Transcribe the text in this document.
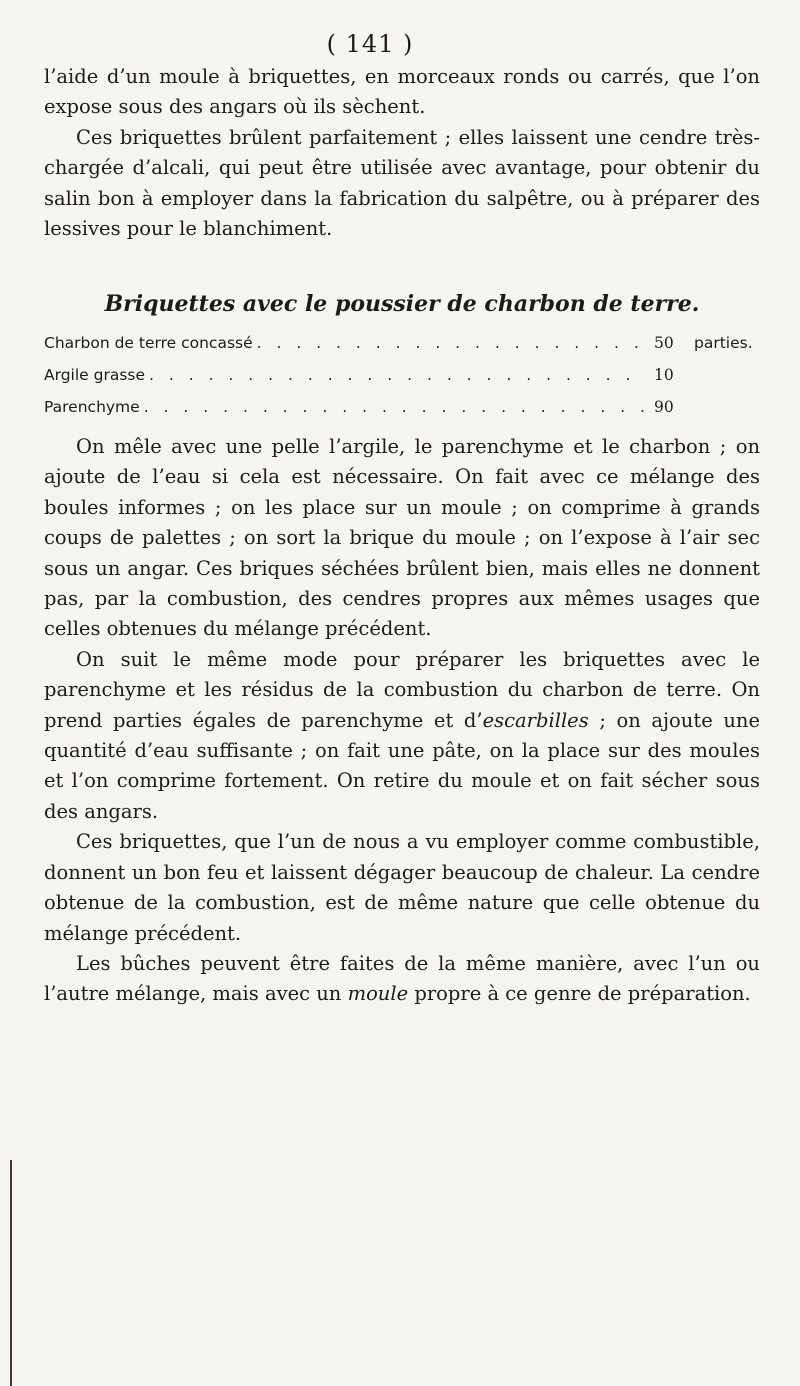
( 141 )

l’aide d’un moule à briquettes, en morceaux ronds ou carrés, que l’on expose sous des angars où ils sèchent.

Ces briquettes brûlent parfaitement ; elles laissent une cendre très-chargée d’alcali, qui peut être utilisée avec avantage, pour obtenir du salin bon à employer dans la fabrication du salpêtre, ou à préparer des lessives pour le blanchiment.

Briquettes avec le poussier de charbon de terre.
Charbon de terre concassé . . .	50	parties.
Argile grasse . . .	10
Parenchyme . . .	90

On mêle avec une pelle l’argile, le parenchyme et le charbon ; on ajoute de l’eau si cela est nécessaire. On fait avec ce mélange des boules informes ; on les place sur un moule ; on comprime à grands coups de palettes ; on sort la brique du moule ; on l’expose à l’air sec sous un angar. Ces briques séchées brûlent bien, mais elles ne donnent pas, par la combustion, des cendres propres aux mêmes usages que celles obtenues du mélange précédent.

On suit le même mode pour préparer les briquettes avec le parenchyme et les résidus de la combustion du charbon de terre. On prend parties égales de parenchyme et d’escarbilles ; on ajoute une quantité d’eau suffisante ; on fait une pâte, on la place sur des moules et l’on comprime fortement. On retire du moule et on fait sécher sous des angars.

Ces briquettes, que l’un de nous a vu employer comme combustible, donnent un bon feu et laissent dégager beaucoup de chaleur. La cendre obtenue de la combustion, est de même nature que celle obtenue du mélange précédent.

Les bûches peuvent être faites de la même manière, avec l’un ou l’autre mélange, mais avec un moule propre à ce genre de préparation.
